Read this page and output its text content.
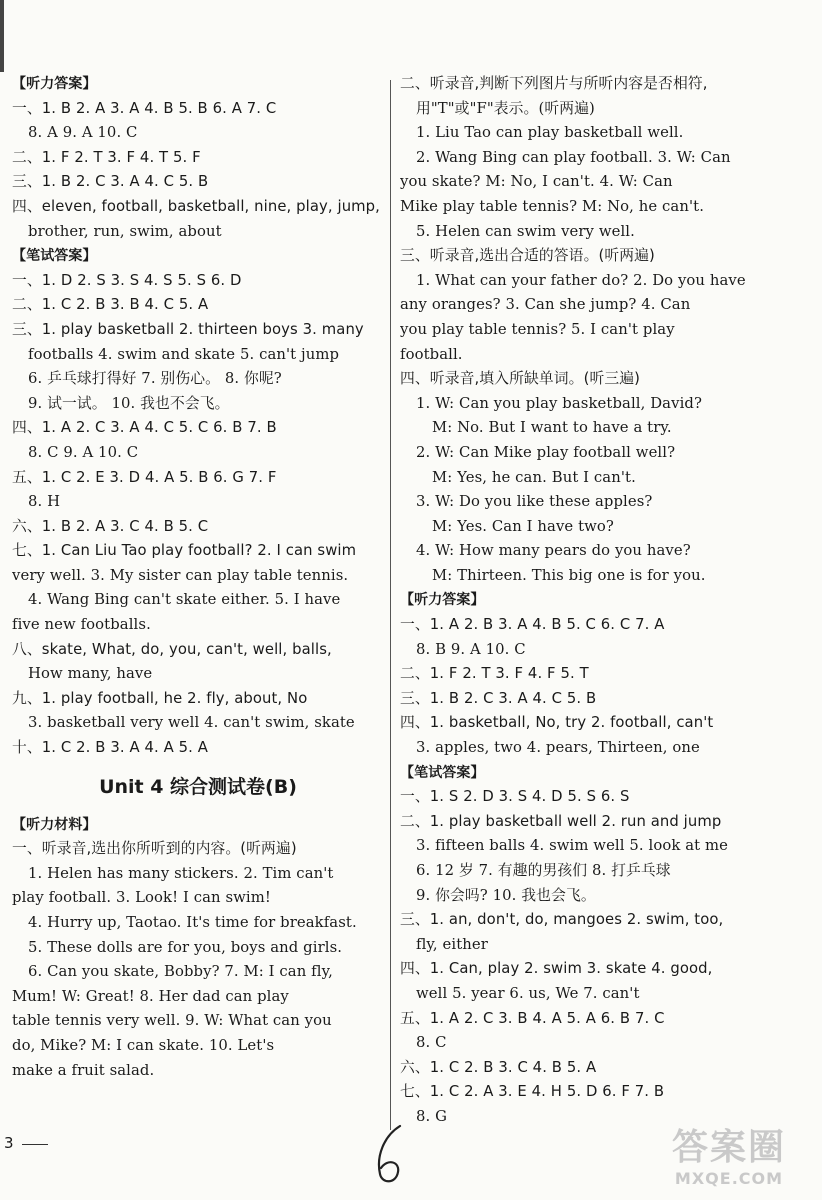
【听力答案】
一、1. B 2. A 3. A 4. B 5. B 6. A 7. C
8. A 9. A 10. C
二、1. F 2. T 3. F 4. T 5. F
三、1. B 2. C 3. A 4. C 5. B
四、eleven, football, basketball, nine, play, jump,
brother, run, swim, about
【笔试答案】
一、1. D 2. S 3. S 4. S 5. S 6. D
二、1. C 2. B 3. B 4. C 5. A
三、1. play basketball 2. thirteen boys 3. many
footballs 4. swim and skate 5. can't jump
6. 乒乓球打得好 7. 别伤心。 8. 你呢?
9. 试一试。 10. 我也不会飞。
四、1. A 2. C 3. A 4. C 5. C 6. B 7. B
8. C 9. A 10. C
五、1. C 2. E 3. D 4. A 5. B 6. G 7. F
8. H
六、1. B 2. A 3. C 4. B 5. C
七、1. Can Liu Tao play football? 2. I can swim
very well. 3. My sister can play table tennis.
4. Wang Bing can't skate either. 5. I have
five new footballs.
八、skate, What, do, you, can't, well, balls,
How many, have
九、1. play football, he 2. fly, about, No
3. basketball very well 4. can't swim, skate
十、1. C 2. B 3. A 4. A 5. A
Unit 4 综合测试卷(B)
【听力材料】
一、听录音,选出你所听到的内容。(听两遍)
1. Helen has many stickers. 2. Tim can't
play football. 3. Look! I can swim!
4. Hurry up, Taotao. It's time for breakfast.
5. These dolls are for you, boys and girls.
6. Can you skate, Bobby? 7. M: I can fly,
Mum! W: Great! 8. Her dad can play
table tennis very well. 9. W: What can you
do, Mike? M: I can skate. 10. Let's
make a fruit salad.
二、听录音,判断下列图片与所听内容是否相符,
用"T"或"F"表示。(听两遍)
1. Liu Tao can play basketball well.
2. Wang Bing can play football. 3. W: Can
you skate? M: No, I can't. 4. W: Can
Mike play table tennis? M: No, he can't.
5. Helen can swim very well.
三、听录音,选出合适的答语。(听两遍)
1. What can your father do? 2. Do you have
any oranges? 3. Can she jump? 4. Can
you play table tennis? 5. I can't play
football.
四、听录音,填入所缺单词。(听三遍)
1. W: Can you play basketball, David?
M: No. But I want to have a try.
2. W: Can Mike play football well?
M: Yes, he can. But I can't.
3. W: Do you like these apples?
M: Yes. Can I have two?
4. W: How many pears do you have?
M: Thirteen. This big one is for you.
【听力答案】
一、1. A 2. B 3. A 4. B 5. C 6. C 7. A
8. B 9. A 10. C
二、1. F 2. T 3. F 4. F 5. T
三、1. B 2. C 3. A 4. C 5. B
四、1. basketball, No, try 2. football, can't
3. apples, two 4. pears, Thirteen, one
【笔试答案】
一、1. S 2. D 3. S 4. D 5. S 6. S
二、1. play basketball well 2. run and jump
3. fifteen balls 4. swim well 5. look at me
6. 12 岁 7. 有趣的男孩们 8. 打乒乓球
9. 你会吗? 10. 我也会飞。
三、1. an, don't, do, mangoes 2. swim, too,
fly, either
四、1. Can, play 2. swim 3. skate 4. good,
well 5. year 6. us, We 7. can't
五、1. A 2. C 3. B 4. A 5. A 6. B 7. C
8. C
六、1. C 2. B 3. C 4. B 5. A
七、1. C 2. A 3. E 4. H 5. D 6. F 7. B
8. G
3	答案圈
MXQE.COM
